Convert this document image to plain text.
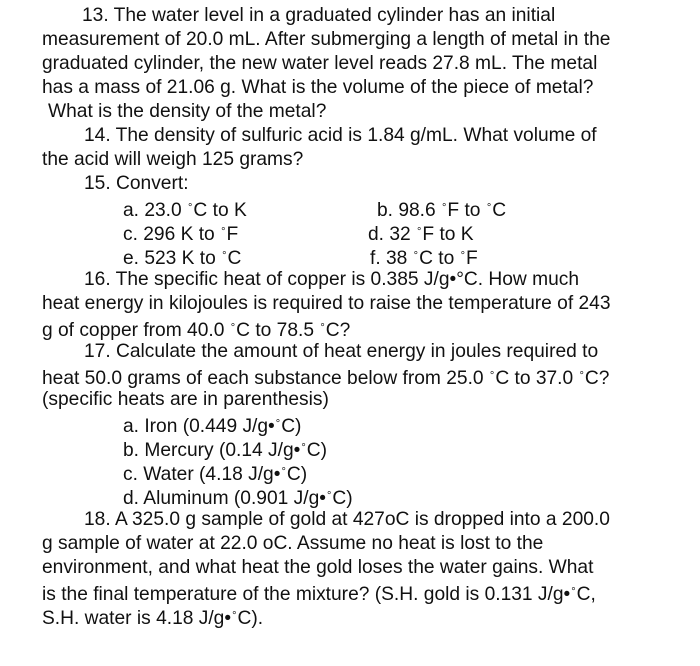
13. The water level in a graduated cylinder has an initial
measurement of 20.0 mL. After submerging a length of metal in the
graduated cylinder, the new water level reads 27.8 mL. The metal
has a mass of 21.06 g. What is the volume of the piece of metal?
What is the density of the metal?
14. The density of sulfuric acid is 1.84 g/mL. What volume of
the acid will weigh 125 grams?
15. Convert:
a. 23.0 °C to K	b. 98.6 °F to °C
c. 296 K to °F	d. 32 °F to K
e. 523 K to °C	f. 38 °C to °F
16. The specific heat of copper is 0.385 J/g•°C. How much
heat energy in kilojoules is required to raise the temperature of 243
g of copper from 40.0 °C to 78.5 °C?
17. Calculate the amount of heat energy in joules required to
heat 50.0 grams of each substance below from 25.0 °C to 37.0 °C?
(specific heats are in parenthesis)
a. Iron (0.449 J/g•°C)
b. Mercury (0.14 J/g•°C)
c. Water (4.18 J/g•°C)
d. Aluminum (0.901 J/g•°C)
18. A 325.0 g sample of gold at 427oC is dropped into a 200.0
g sample of water at 22.0 oC. Assume no heat is lost to the
environment, and what heat the gold loses the water gains. What
is the final temperature of the mixture? (S.H. gold is 0.131 J/g•°C,
S.H. water is 4.18 J/g•°C).
